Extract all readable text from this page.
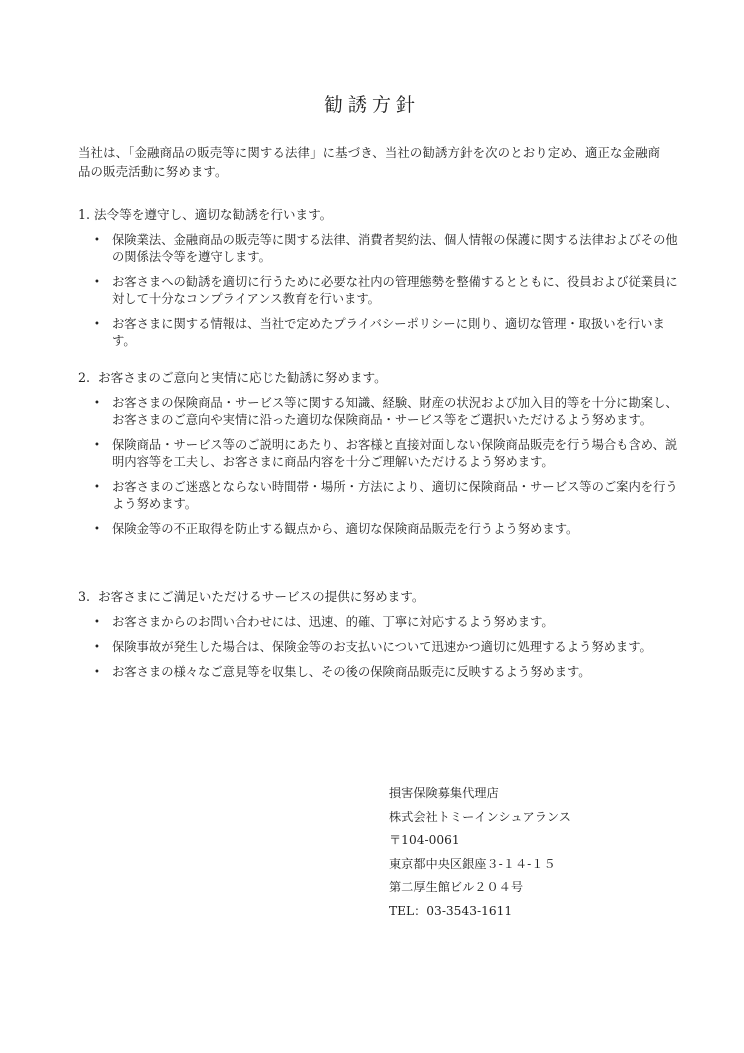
勧誘方針
当社は、「金融商品の販売等に関する法律」に基づき、当社の勧誘方針を次のとおり定め、適正な金融商品の販売活動に努めます。
1. 法令等を遵守し、適切な勧誘を行います。
• 保険業法、金融商品の販売等に関する法律、消費者契約法、個人情報の保護に関する法律およびその他の関係法令等を遵守します。
• お客さまへの勧誘を適切に行うために必要な社内の管理態勢を整備するとともに、役員および従業員に対して十分なコンプライアンス教育を行います。
• お客さまに関する情報は、当社で定めたプライバシーポリシーに則り、適切な管理・取扱いを行います。
2. お客さまのご意向と実情に応じた勧誘に努めます。
• お客さまの保険商品・サービス等に関する知識、経験、財産の状況および加入目的等を十分に勘案し、お客さまのご意向や実情に沿った適切な保険商品・サービス等をご選択いただけるよう努めます。
• 保険商品・サービス等のご説明にあたり、お客様と直接対面しない保険商品販売を行う場合も含め、説明内容等を工夫し、お客さまに商品内容を十分ご理解いただけるよう努めます。
• お客さまのご迷惑とならない時間帯・場所・方法により、適切に保険商品・サービス等のご案内を行うよう努めます。
• 保険金等の不正取得を防止する観点から、適切な保険商品販売を行うよう努めます。
3. お客さまにご満足いただけるサービスの提供に努めます。
• お客さまからのお問い合わせには、迅速、的確、丁寧に対応するよう努めます。
• 保険事故が発生した場合は、保険金等のお支払いについて迅速かつ適切に処理するよう努めます。
• お客さまの様々なご意見等を収集し、その後の保険商品販売に反映するよう努めます。
損害保険募集代理店
株式会社トミーインシュアランス
〒104-0061
東京都中央区銀座３-１４-１５
第二厚生館ビル２０４号
TEL：03-3543-1611
